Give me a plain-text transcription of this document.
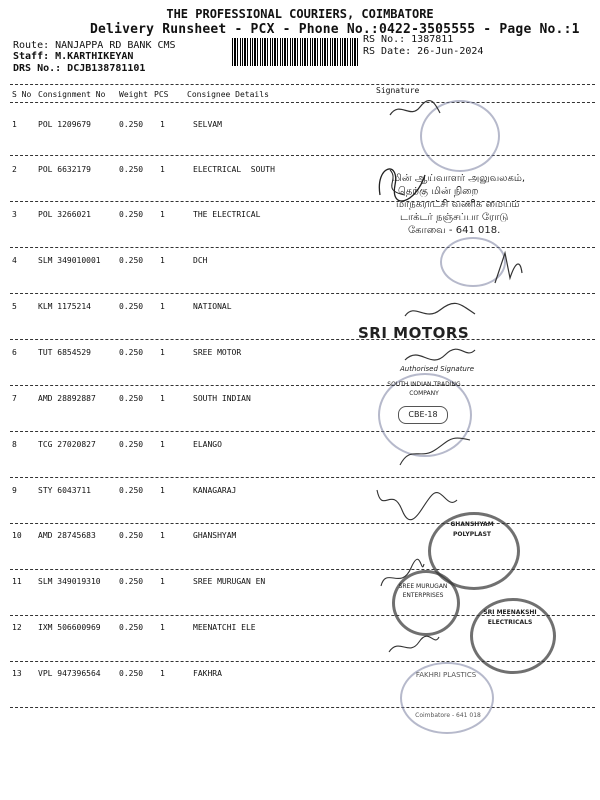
THE PROFESSIONAL COURIERS, COIMBATORE
Delivery Runsheet - PCX - Phone No.:0422-3505555 - Page No.:1
Route: NANJAPPA RD BANK CMS
Staff: M.KARTHIKEYAN
DRS No.: DCJB138781101
RS No.: 1387811
RS Date: 26-Jun-2024
S No Consignment No Weight PCS Consignee Details	Signature
1	POL 1209679	0.250 1	SELVAM
2	POL 6632179	0.250 1	ELECTRICAL  SOUTH
3	POL 3266021	0.250 1	THE ELECTRICAL
4	SLM 349010001 0.250 1	DCH
5	KLM 1175214	0.250 1	NATIONAL
6	TUT 6854529	0.250 1	SREE MOTOR
7	AMD 28892887	0.250 1	SOUTH INDIAN
8	TCG 27020827	0.250 1	ELANGO
9	STY 6043711	0.250 1	KANAGARAJ
10 AMD 28745683	0.250 1	GHANSHYAM
11 SLM 349019310 0.250 1	SREE MURUGAN EN
12 IXM 506600969 0.250 1	MEENATCHI ELE
13 VPL 947396564 0.250 1	FAKHRA
மின் ஆய்வாளர் அலுவலகம்,
தெற்கு மின் நிறை
மாநகராட்சி வணிக மையம்
டாக்டர் நஞ்சப்பா ரோடு
கோவை - 641 018.
SRI MOTORS
Authorised Signature
SOUTH INDIAN TRADING COMPANY
CBE-18
GHANSHYAM POLYPLAST
SREE MURUGAN ENTERPRISES
SRI MEENAKSHI ELECTRICALS
FAKHRI PLASTICS
Coimbatore - 641 018
